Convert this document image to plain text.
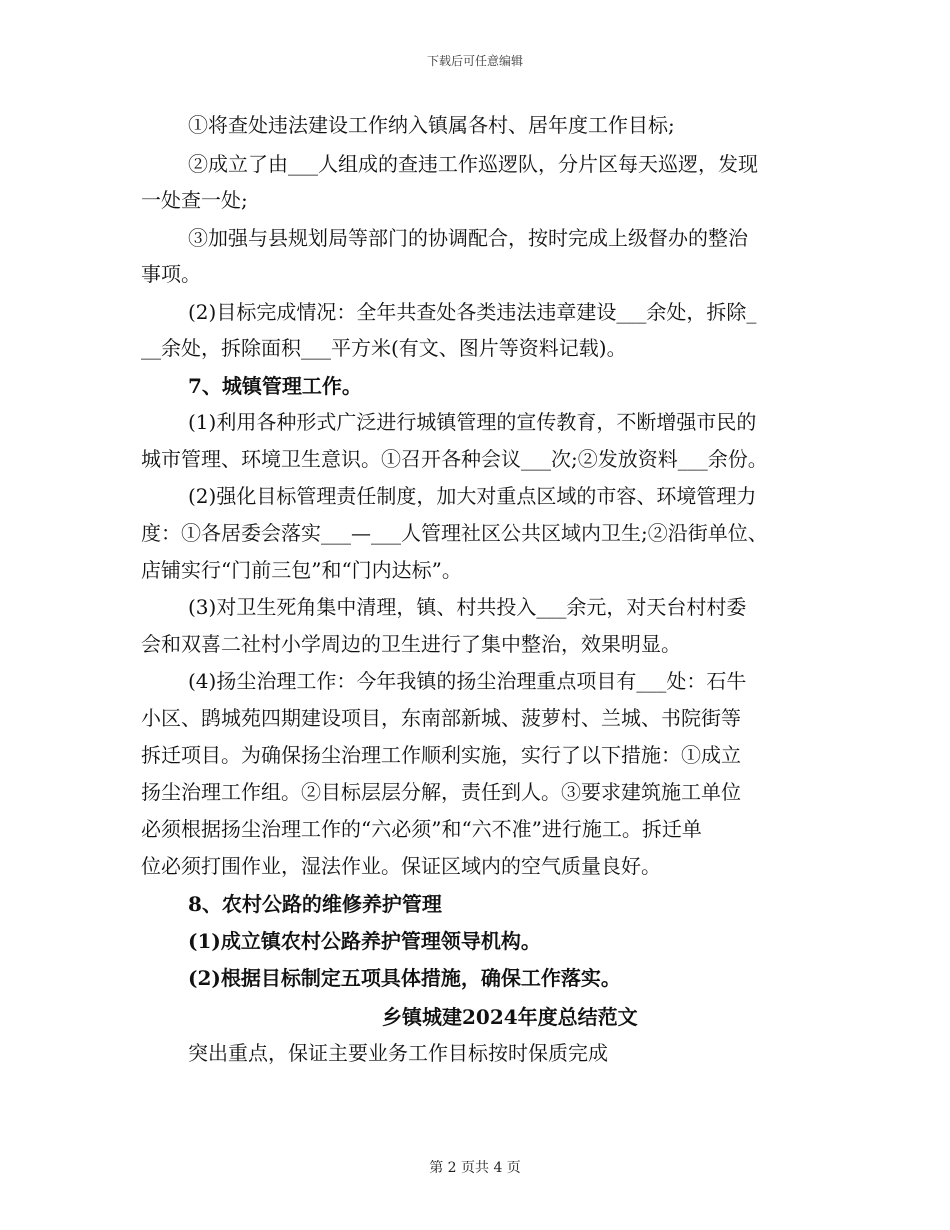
下载后可任意编辑
①将查处违法建设工作纳入镇属各村、居年度工作目标;
②成立了由___人组成的查违工作巡逻队，分片区每天巡逻，发现
一处查一处;
③加强与县规划局等部门的协调配合，按时完成上级督办的整治
事项。
(2)目标完成情况：全年共查处各类违法违章建设___余处，拆除_
__余处，拆除面积___平方米(有文、图片等资料记载)。
7、城镇管理工作。
(1)利用各种形式广泛进行城镇管理的宣传教育，不断增强市民的
城市管理、环境卫生意识。①召开各种会议___次;②发放资料___余份。
(2)强化目标管理责任制度，加大对重点区域的市容、环境管理力
度：①各居委会落实___—___人管理社区公共区域内卫生;②沿街单位、
店铺实行“门前三包”和“门内达标”。
(3)对卫生死角集中清理，镇、村共投入___余元，对天台村村委
会和双喜二社村小学周边的卫生进行了集中整治，效果明显。
(4)扬尘治理工作：今年我镇的扬尘治理重点项目有___处：石牛
小区、鹍城苑四期建设项目，东南部新城、菠萝村、兰城、书院街等
拆迁项目。为确保扬尘治理工作顺利实施，实行了以下措施：①成立
扬尘治理工作组。②目标层层分解，责任到人。③要求建筑施工单位
必须根据扬尘治理工作的“六必须”和“六不准”进行施工。拆迁单
位必须打围作业，湿法作业。保证区域内的空气质量良好。
8、农村公路的维修养护管理
(1)成立镇农村公路养护管理领导机构。
(2)根据目标制定五项具体措施，确保工作落实。
乡镇城建2024年度总结范文
突出重点，保证主要业务工作目标按时保质完成
第 2 页共 4 页
